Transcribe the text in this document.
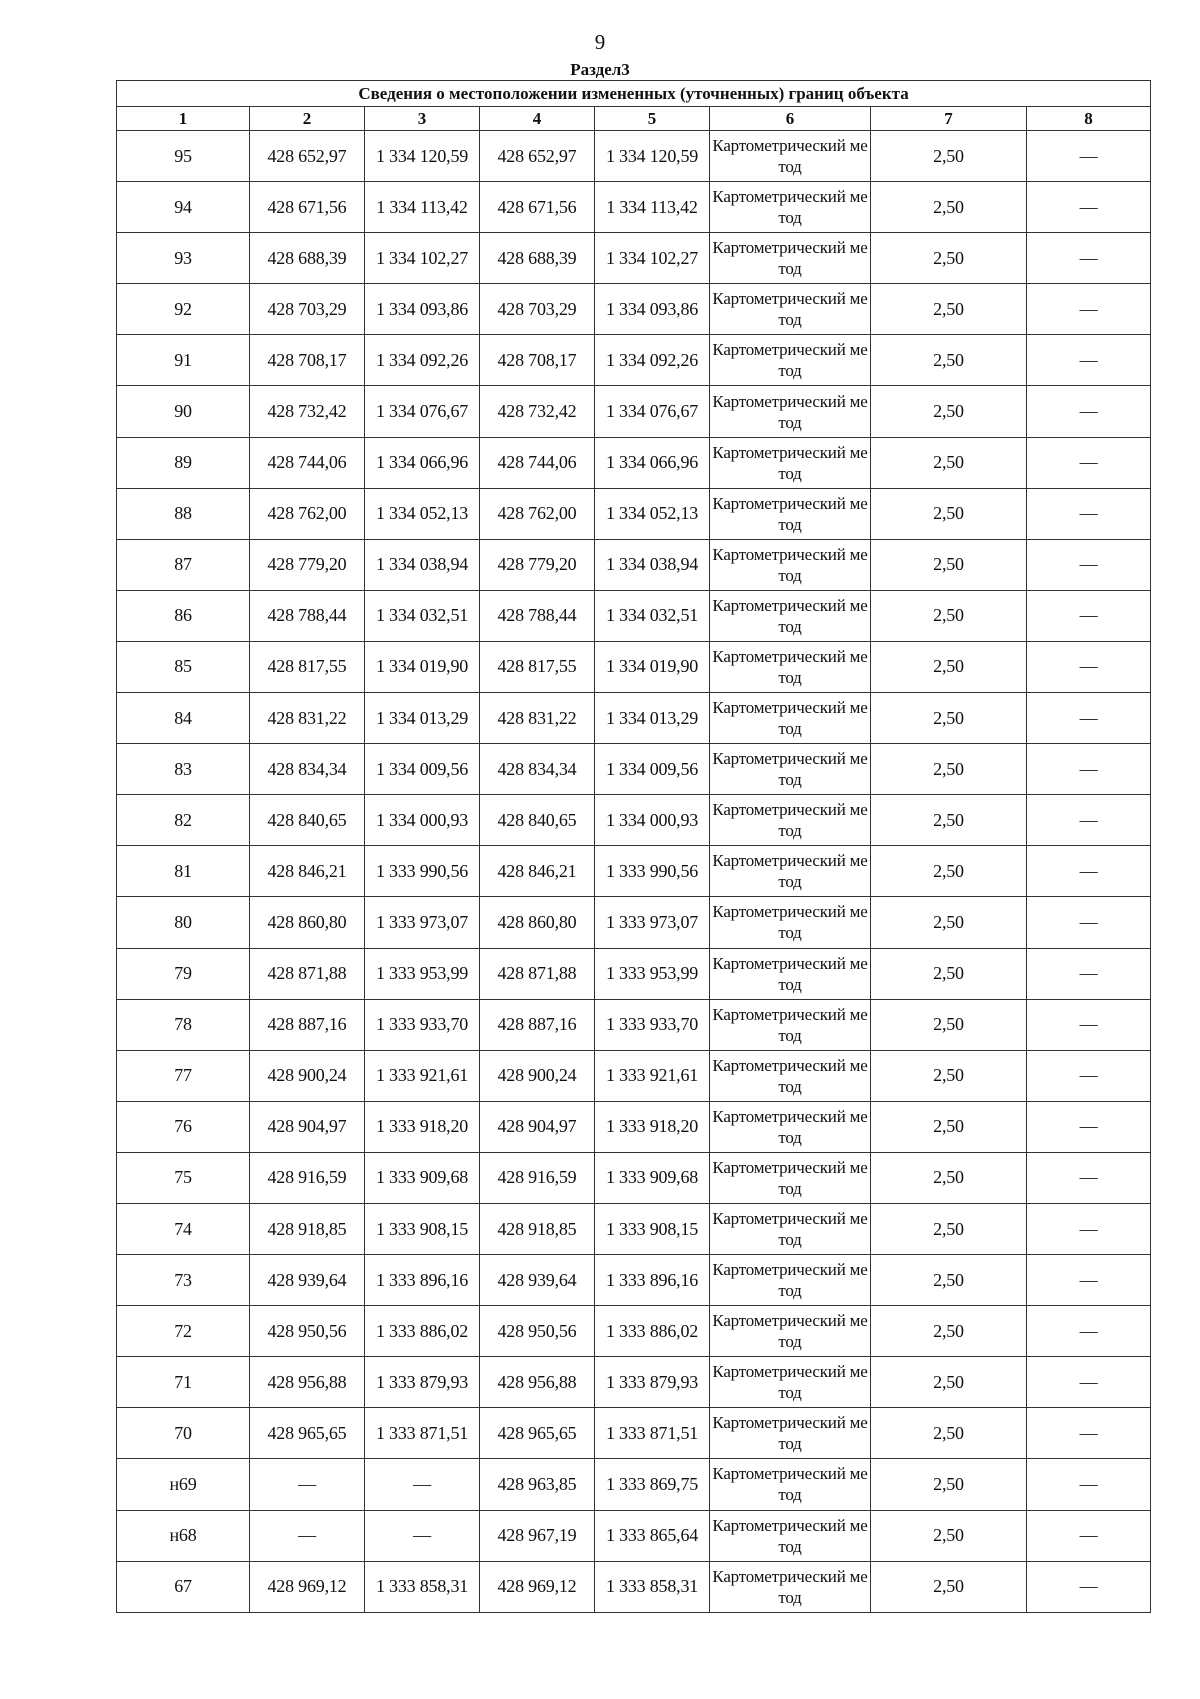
9
Раздел3
Сведения о местоположении измененных (уточненных) границ объекта							
1	2	3	4	5	6	7	8
95	428 652,97	1 334 120,59	428 652,97	1 334 120,59	Картометрический метод	2,50	—
94	428 671,56	1 334 113,42	428 671,56	1 334 113,42	Картометрический метод	2,50	—
93	428 688,39	1 334 102,27	428 688,39	1 334 102,27	Картометрический метод	2,50	—
92	428 703,29	1 334 093,86	428 703,29	1 334 093,86	Картометрический метод	2,50	—
91	428 708,17	1 334 092,26	428 708,17	1 334 092,26	Картометрический метод	2,50	—
90	428 732,42	1 334 076,67	428 732,42	1 334 076,67	Картометрический метод	2,50	—
89	428 744,06	1 334 066,96	428 744,06	1 334 066,96	Картометрический метод	2,50	—
88	428 762,00	1 334 052,13	428 762,00	1 334 052,13	Картометрический метод	2,50	—
87	428 779,20	1 334 038,94	428 779,20	1 334 038,94	Картометрический метод	2,50	—
86	428 788,44	1 334 032,51	428 788,44	1 334 032,51	Картометрический метод	2,50	—
85	428 817,55	1 334 019,90	428 817,55	1 334 019,90	Картометрический метод	2,50	—
84	428 831,22	1 334 013,29	428 831,22	1 334 013,29	Картометрический метод	2,50	—
83	428 834,34	1 334 009,56	428 834,34	1 334 009,56	Картометрический метод	2,50	—
82	428 840,65	1 334 000,93	428 840,65	1 334 000,93	Картометрический метод	2,50	—
81	428 846,21	1 333 990,56	428 846,21	1 333 990,56	Картометрический метод	2,50	—
80	428 860,80	1 333 973,07	428 860,80	1 333 973,07	Картометрический метод	2,50	—
79	428 871,88	1 333 953,99	428 871,88	1 333 953,99	Картометрический метод	2,50	—
78	428 887,16	1 333 933,70	428 887,16	1 333 933,70	Картометрический метод	2,50	—
77	428 900,24	1 333 921,61	428 900,24	1 333 921,61	Картометрический метод	2,50	—
76	428 904,97	1 333 918,20	428 904,97	1 333 918,20	Картометрический метод	2,50	—
75	428 916,59	1 333 909,68	428 916,59	1 333 909,68	Картометрический метод	2,50	—
74	428 918,85	1 333 908,15	428 918,85	1 333 908,15	Картометрический метод	2,50	—
73	428 939,64	1 333 896,16	428 939,64	1 333 896,16	Картометрический метод	2,50	—
72	428 950,56	1 333 886,02	428 950,56	1 333 886,02	Картометрический метод	2,50	—
71	428 956,88	1 333 879,93	428 956,88	1 333 879,93	Картометрический метод	2,50	—
70	428 965,65	1 333 871,51	428 965,65	1 333 871,51	Картометрический метод	2,50	—
н69	—	—	428 963,85	1 333 869,75	Картометрический метод	2,50	—
н68	—	—	428 967,19	1 333 865,64	Картометрический метод	2,50	—
67	428 969,12	1 333 858,31	428 969,12	1 333 858,31	Картометрический метод	2,50	—
